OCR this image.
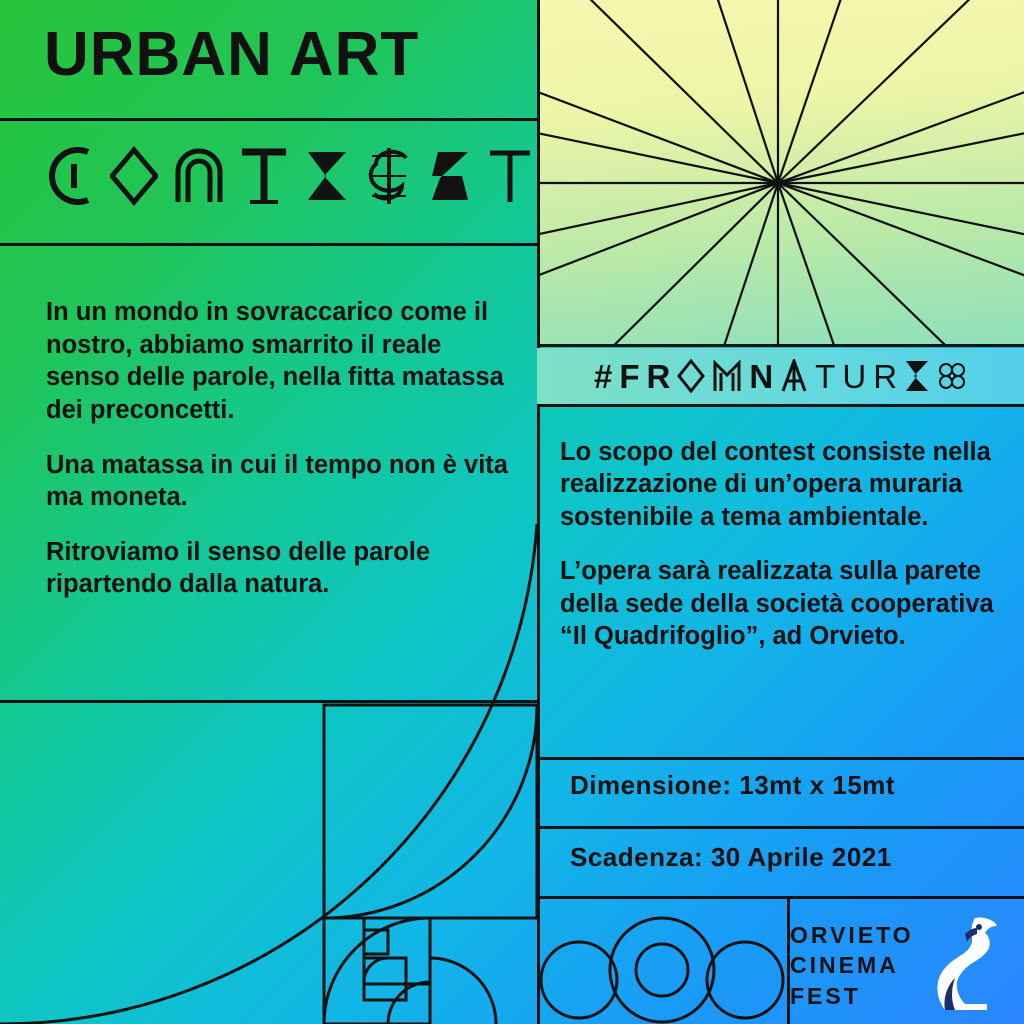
URBAN ART

In un mondo in sovraccarico come il nostro, abbiamo smarrito il reale senso delle parole, nella fitta matassa dei preconcetti.

Una matassa in cui il tempo non è vita ma moneta.

Ritroviamo il senso delle parole ripartendo dalla natura.

# F R N T U R

Lo scopo del contest consiste nella realizzazione di un’opera muraria sostenibile a tema ambientale.

L’opera sarà realizzata sulla parete della sede della società cooperativa “Il Quadrifoglio”, ad Orvieto.

Dimensione: 13mt x 15mt
Scadenza: 30 Aprile 2021
ORVIETO
CINEMA
FEST
